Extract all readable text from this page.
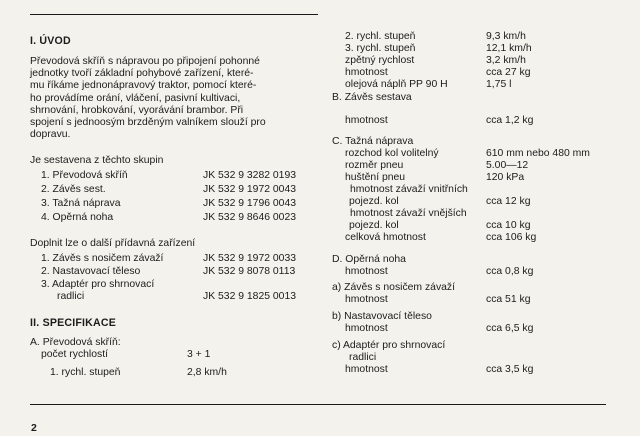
I. ÚVOD
Převodová skříň s nápravou po připojení pohonné
jednotky tvoří základní pohybové zařízení, které-
mu říkáme jednonápravový traktor, pomocí které-
ho provádíme orání, vláčení, pasivní kultivaci,
shrnování, hrobkování, vyorávání brambor. Při
spojení s jednoosým brzděným valníkem slouží pro
dopravu.
Je sestavena z těchto skupin
1. Převodová skříň	JK 532 9 3282 0193
2. Závěs sest.	JK 532 9 1972 0043
3. Tažná náprava	JK 532 9 1796 0043
4. Opěrná noha	JK 532 9 8646 0023
Doplnit lze o další přídavná zařízení
1. Závěs s nosičem závaží	JK 532 9 1972 0033
2. Nastavovací těleso	JK 532 9 8078 0113
3. Adaptér pro shrnovací
radlici	JK 532 9 1825 0013
II. SPECIFIKACE
A. Převodová skříň:
počet rychlostí	3 + 1
1. rychl. stupeň	2,8 km/h
2. rychl. stupeň	9,3 km/h
3. rychl. stupeň	12,1 km/h
zpětný rychlost	3,2 km/h
hmotnost	cca 27 kg
olejová náplň PP 90 H	1,75 l
B. Závěs sestava
hmotnost	cca 1,2 kg
C. Tažná náprava
rozchod kol volitelný	610 mm nebo 480 mm
rozměr pneu	5.00—12
huštění pneu	120 kPa
hmotnost závaží vnitřních
pojezd. kol	cca 12 kg
hmotnost závaží vnějších
pojezd. kol	cca 10 kg
celková hmotnost	cca 106 kg
D. Opěrná noha
hmotnost	cca 0,8 kg
a) Závěs s nosičem závaží
hmotnost	cca 51 kg
b) Nastavovací těleso
hmotnost	cca 6,5 kg
c) Adaptér pro shrnovací
radlici
hmotnost	cca 3,5 kg
2
